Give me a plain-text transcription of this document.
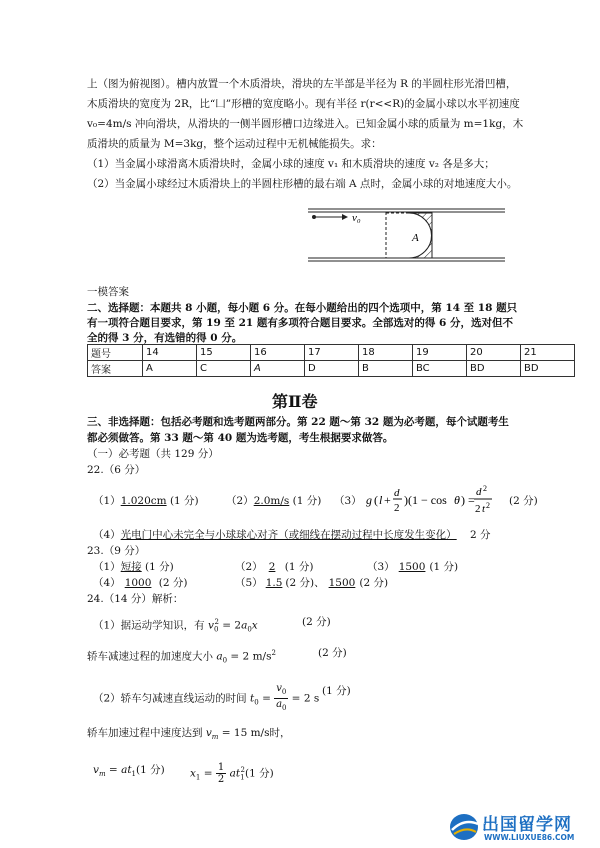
上（图为俯视图）。槽内放置一个木质滑块，滑块的左半部是半径为 R 的半圆柱形光滑凹槽，
木质滑块的宽度为 2R，比“凵”形槽的宽度略小。现有半径 r(r<<R)的金属小球以水平初速度
v₀=4m/s 冲向滑块，从滑块的一侧半圆形槽口边缘进入。已知金属小球的质量为 m=1kg，木
质滑块的质量为 M=3kg，整个运动过程中无机械能损失。求：
（1）当金属小球滑离木质滑块时，金属小球的速度 v₁ 和木质滑块的速度 v₂ 各是多大；
（2）当金属小球经过木质滑块上的半圆柱形槽的最右端 A 点时，金属小球的对地速度大小。
v₀
A
一模答案
二、选择题：本题共 8 小题，每小题 6 分。在每小题给出的四个选项中，第 14 至 18 题只
有一项符合题目要求，第 19 至 21 题有多项符合题目要求。全部选对的得 6 分，选对但不
全的得 3 分，有选错的得 0 分。
题号	14	15	16	17	18	19	20	21
答案	A	C	A	D	B	BC	BD	BD
第Ⅱ卷
三、非选择题：包括必考题和选考题两部分。第 22 题～第 32 题为必考题，每个试题考生
都必须做答。第 33 题～第 40 题为选考题，考生根据要求做答。
（一）必考题（共 129 分）
22.（6 分）
（1）1.020cm (1 分)	（2）2.0m/s (1 分) （3） g ( l + d
2
)(1 − cos θ ) =
d 2
2 t 2 (2 分)
（4）光电门中心未完全与小球球心对齐（或细线在摆动过程中长度发生变化） 2 分
23.（9 分）
（1）短接 (1 分)	（2） 2 (1 分)	（3） 1500 (1 分)
（4） 1000 (2 分)	（5） 1.5 (2 分)、 1500 (2 分)
24.（14 分）解析：
（1）据运动学知识，有 $v_0^2 = 2a_0x$	(2 分)
轿车减速过程的加速度大小 $a_0 = 2$ $m/s^2$	(2 分)
（2）轿车匀减速直线运动的时间 $t_0 = \frac{v_0}{a_0} = 2$ s
(1 分)
轿车加速过程中速度达到 $v_m = 15$ m/s时，
$v_m = at_1(1$ 分) $x_1 = \frac{1}{2} at_1^2(1$ 分)
出国留学网
WWW.LIUXUE86.COM
